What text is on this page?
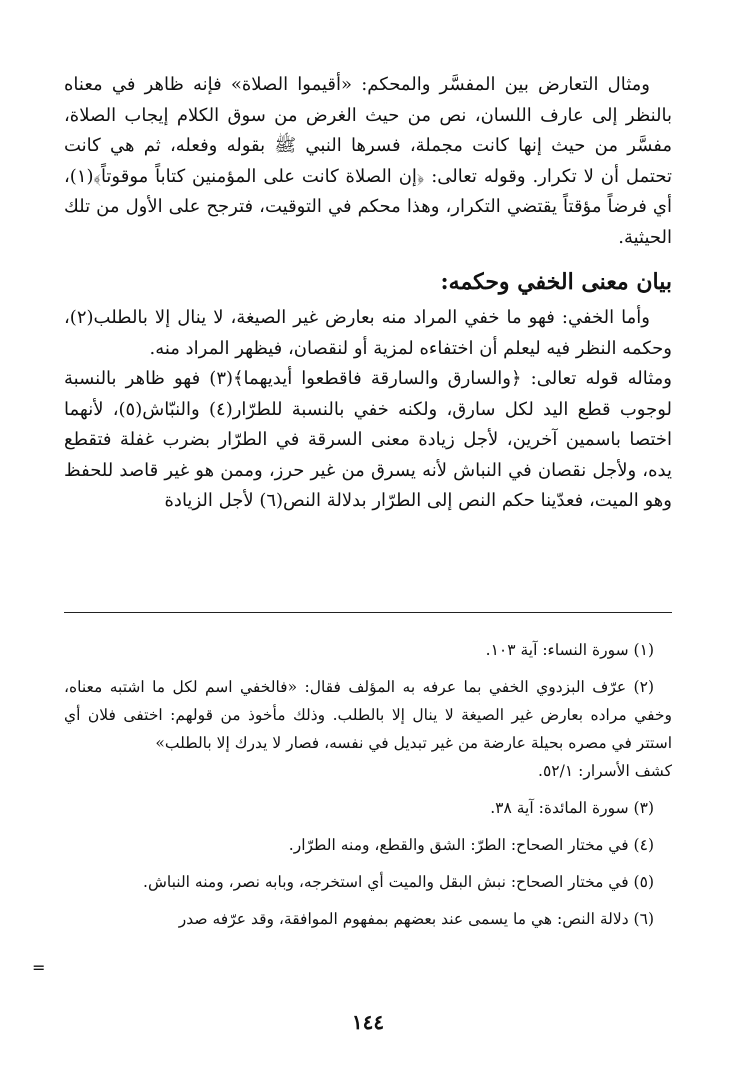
ومثال التعارض بين المفسَّر والمحكم: «أقيموا الصلاة» فإنه ظاهر في معناه بالنظر إلى عارف اللسان، نص من حيث الغرض من سوق الكلام إيجاب الصلاة، مفسَّر من حيث إنها كانت مجملة، فسرها النبي ﷺ بقوله وفعله، ثم هي كانت تحتمل أن لا تكرار. وقوله تعالى: ﴿إن الصلاة كانت على المؤمنين كتاباً موقوتاً﴾(١)، أي فرضاً مؤقتاً يقتضي التكرار، وهذا محكم في التوقيت، فترجح على الأول من تلك الحيثية.

بيان معنى الخفي وحكمه:

وأما الخفي: فهو ما خفي المراد منه بعارض غير الصيغة، لا ينال إلا بالطلب(٢)، وحكمه النظر فيه ليعلم أن اختفاءه لمزية أو لنقصان، فيظهر المراد منه.

ومثاله قوله تعالى: ﴿والسارق والسارقة فاقطعوا أيديهما﴾(٣) فهو ظاهر بالنسبة لوجوب قطع اليد لكل سارق، ولكنه خفي بالنسبة للطرّار(٤) والنبّاش(٥)، لأنهما اختصا باسمين آخرين، لأجل زيادة معنى السرقة في الطرّار بضرب غفلة فتقطع يده، ولأجل نقصان في النباش لأنه يسرق من غير حرز، وممن هو غير قاصد للحفظ وهو الميت، فعدّينا حكم النص إلى الطرّار بدلالة النص(٦) لأجل الزيادة

(١) سورة النساء: آية ١٠٣.

(٢) عرّف البزدوي الخفي بما عرفه به المؤلف فقال: «فالخفي اسم لكل ما اشتبه معناه، وخفي مراده بعارض غير الصيغة لا ينال إلا بالطلب. وذلك مأخوذ من قولهم: اختفى فلان أي استتر في مصره بحيلة عارضة من غير تبديل في نفسه، فصار لا يدرك إلا بالطلب»

كشف الأسرار: ٥٢/١.

(٣) سورة المائدة: آية ٣٨.

(٤) في مختار الصحاح: الطرّ: الشق والقطع، ومنه الطرّار.

(٥) في مختار الصحاح: نبش البقل والميت أي استخرجه، وبابه نصر، ومنه النباش.

(٦) دلالة النص: هي ما يسمى عند بعضهم بمفهوم الموافقة، وقد عرّفه صدر

=
١٤٤
